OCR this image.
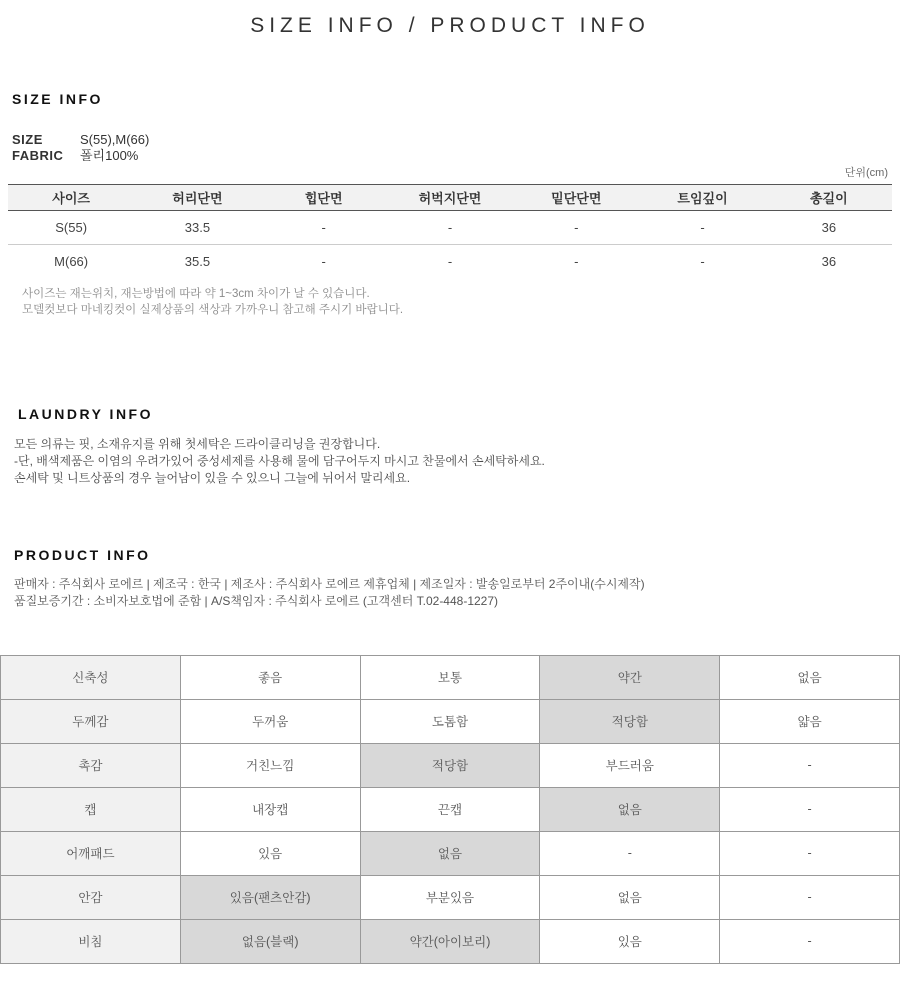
SIZE INFO / PRODUCT INFO
SIZE INFO
SIZE	S(55),M(66)
FABRIC	폴리100%
단위(cm)
사이즈	허리단면	힙단면	허벅지단면	밑단단면	트임깊이	총길이
S(55)	33.5	-	-	-	-	36
M(66)	35.5	-	-	-	-	36
사이즈는 재는위치, 재는방법에 따라 약 1~3cm 차이가 날 수 있습니다.
모델컷보다 마네킹컷이 실제상품의 색상과 가까우니 참고해 주시기 바랍니다.
LAUNDRY INFO
모든 의류는 핏, 소재유지를 위해 첫세탁은 드라이클리닝을 권장합니다.
-단, 배색제품은 이염의 우려가있어 중성세제를 사용해 물에 담구어두지 마시고 찬물에서 손세탁하세요.
손세탁 및 니트상품의 경우 늘어남이 있을 수 있으니 그늘에 뉘어서 말리세요.
PRODUCT INFO
판매자 : 주식회사 로에르 | 제조국 : 한국 | 제조사 : 주식회사 로에르 제휴업체 | 제조일자 : 발송일로부터 2주이내(수시제작)
품질보증기간 : 소비자보호법에 준함 | A/S책임자 : 주식회사 로에르 (고객센터 T.02-448-1227)
신축성	좋음	보통	약간	없음
두께감	두꺼움	도톰함	적당함	얇음
촉감	거친느낌	적당함	부드러움	-
캡	내장캡	끈캡	없음	-
어깨패드	있음	없음	-	-
안감	있음(팬츠안감)	부분있음	없음	-
비침	없음(블랙)	약간(아이보리)	있음	-
